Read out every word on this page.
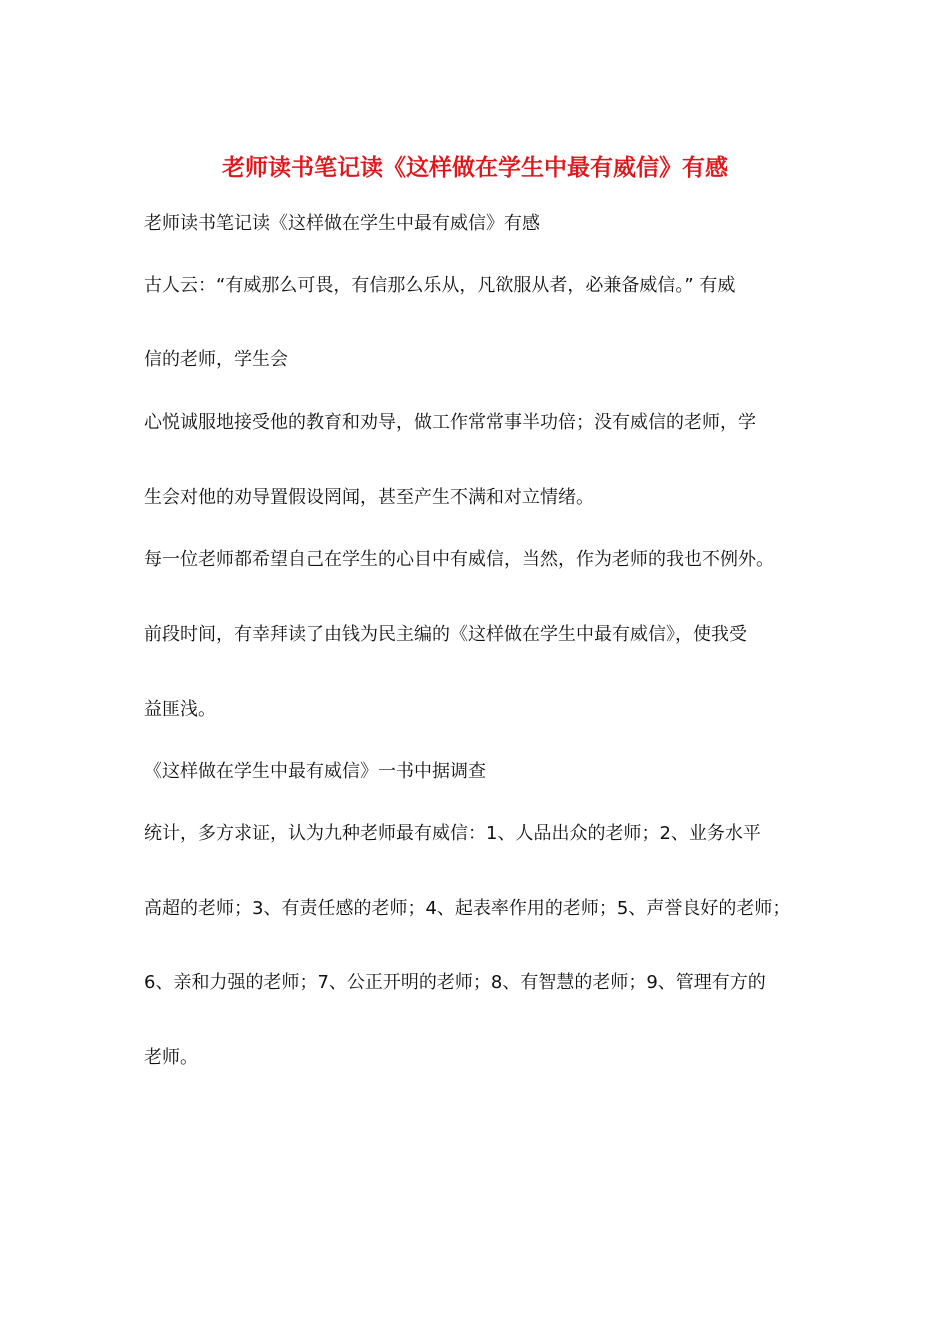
老师读书笔记读《这样做在学生中最有威信》有感
老师读书笔记读《这样做在学生中最有威信》有感
古人云：“有威那么可畏，有信那么乐从，凡欲服从者，必兼备威信。” 有威
信的老师，学生会
心悦诚服地接受他的教育和劝导，做工作常常事半功倍；没有威信的老师，学
生会对他的劝导置假设罔闻，甚至产生不满和对立情绪。
每一位老师都希望自己在学生的心目中有威信，当然，作为老师的我也不例外。
前段时间，有幸拜读了由钱为民主编的《这样做在学生中最有威信》，使我受
益匪浅。
《这样做在学生中最有威信》一书中据调查
统计，多方求证，认为九种老师最有威信：1、人品出众的老师；2、业务水平
高超的老师；3、有责任感的老师；4、起表率作用的老师；5、声誉良好的老师；
6、亲和力强的老师；7、公正开明的老师；8、有智慧的老师；9、管理有方的
老师。
